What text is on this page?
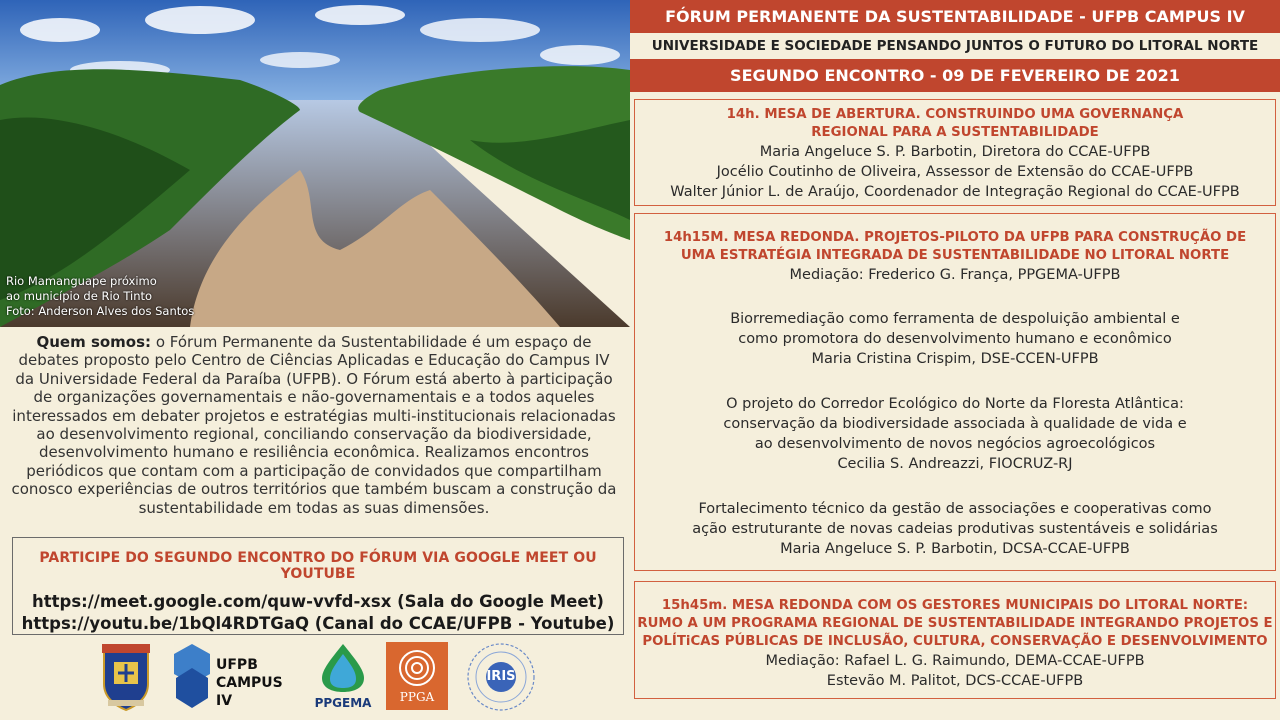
Rio Mamanguape próximo
ao município de Rio Tinto
Foto: Anderson Alves dos Santos
Quem somos: o Fórum Permanente da Sustentabilidade é um espaço de debates proposto pelo Centro de Ciências Aplicadas e Educação do Campus IV da Universidade Federal da Paraíba (UFPB). O Fórum está aberto à participação de organizações governamentais e não-governamentais e a todos aqueles interessados em debater projetos e estratégias multi-institucionais relacionadas ao desenvolvimento regional, conciliando conservação da biodiversidade, desenvolvimento humano e resiliência econômica. Realizamos encontros periódicos que contam com a participação de convidados que compartilham conosco experiências de outros territórios que também buscam a construção da sustentabilidade em todas as suas dimensões.
PARTICIPE DO SEGUNDO ENCONTRO DO FÓRUM VIA GOOGLE MEET OU YOUTUBE
https://meet.google.com/quw-vvfd-xsx (Sala do Google Meet)
https://youtu.be/1bQl4RDTGaQ (Canal do CCAE/UFPB - Youtube)
UFPB
CAMPUS IV	PPGEMA	PPGA
IRIS
FÓRUM PERMANENTE DA SUSTENTABILIDADE - UFPB CAMPUS IV
UNIVERSIDADE E SOCIEDADE PENSANDO JUNTOS O FUTURO DO LITORAL NORTE
SEGUNDO ENCONTRO - 09 DE FEVEREIRO DE 2021
14h. MESA DE ABERTURA. CONSTRUINDO UMA GOVERNANÇA
REGIONAL PARA A SUSTENTABILIDADE
Maria Angeluce S. P. Barbotin, Diretora do CCAE-UFPB
Jocélio Coutinho de Oliveira, Assessor de Extensão do CCAE-UFPB
Walter Júnior L. de Araújo, Coordenador de Integração Regional do CCAE-UFPB
14h15M. MESA REDONDA. PROJETOS-PILOTO DA UFPB PARA CONSTRUÇÃO DE
UMA ESTRATÉGIA INTEGRADA DE SUSTENTABILIDADE NO LITORAL NORTE
Mediação: Frederico G. França, PPGEMA-UFPB
Biorremediação como ferramenta de despoluição ambiental e
como promotora do desenvolvimento humano e econômico
Maria Cristina Crispim, DSE-CCEN-UFPB
O projeto do Corredor Ecológico do Norte da Floresta Atlântica:
conservação da biodiversidade associada à qualidade de vida e
ao desenvolvimento de novos negócios agroecológicos
Cecilia S. Andreazzi, FIOCRUZ-RJ
Fortalecimento técnico da gestão de associações e cooperativas como
ação estruturante de novas cadeias produtivas sustentáveis e solidárias
Maria Angeluce S. P. Barbotin, DCSA-CCAE-UFPB
15h45m. MESA REDONDA COM OS GESTORES MUNICIPAIS DO LITORAL NORTE:
RUMO A UM PROGRAMA REGIONAL DE SUSTENTABILIDADE INTEGRANDO PROJETOS E
POLÍTiCAS PÚBLICAS DE INCLUSÃO, CULTURA, CONSERVAÇÃO E DESENVOLVIMENTO
Mediação: Rafael L. G. Raimundo, DEMA-CCAE-UFPB
Estevão M. Palitot, DCS-CCAE-UFPB
